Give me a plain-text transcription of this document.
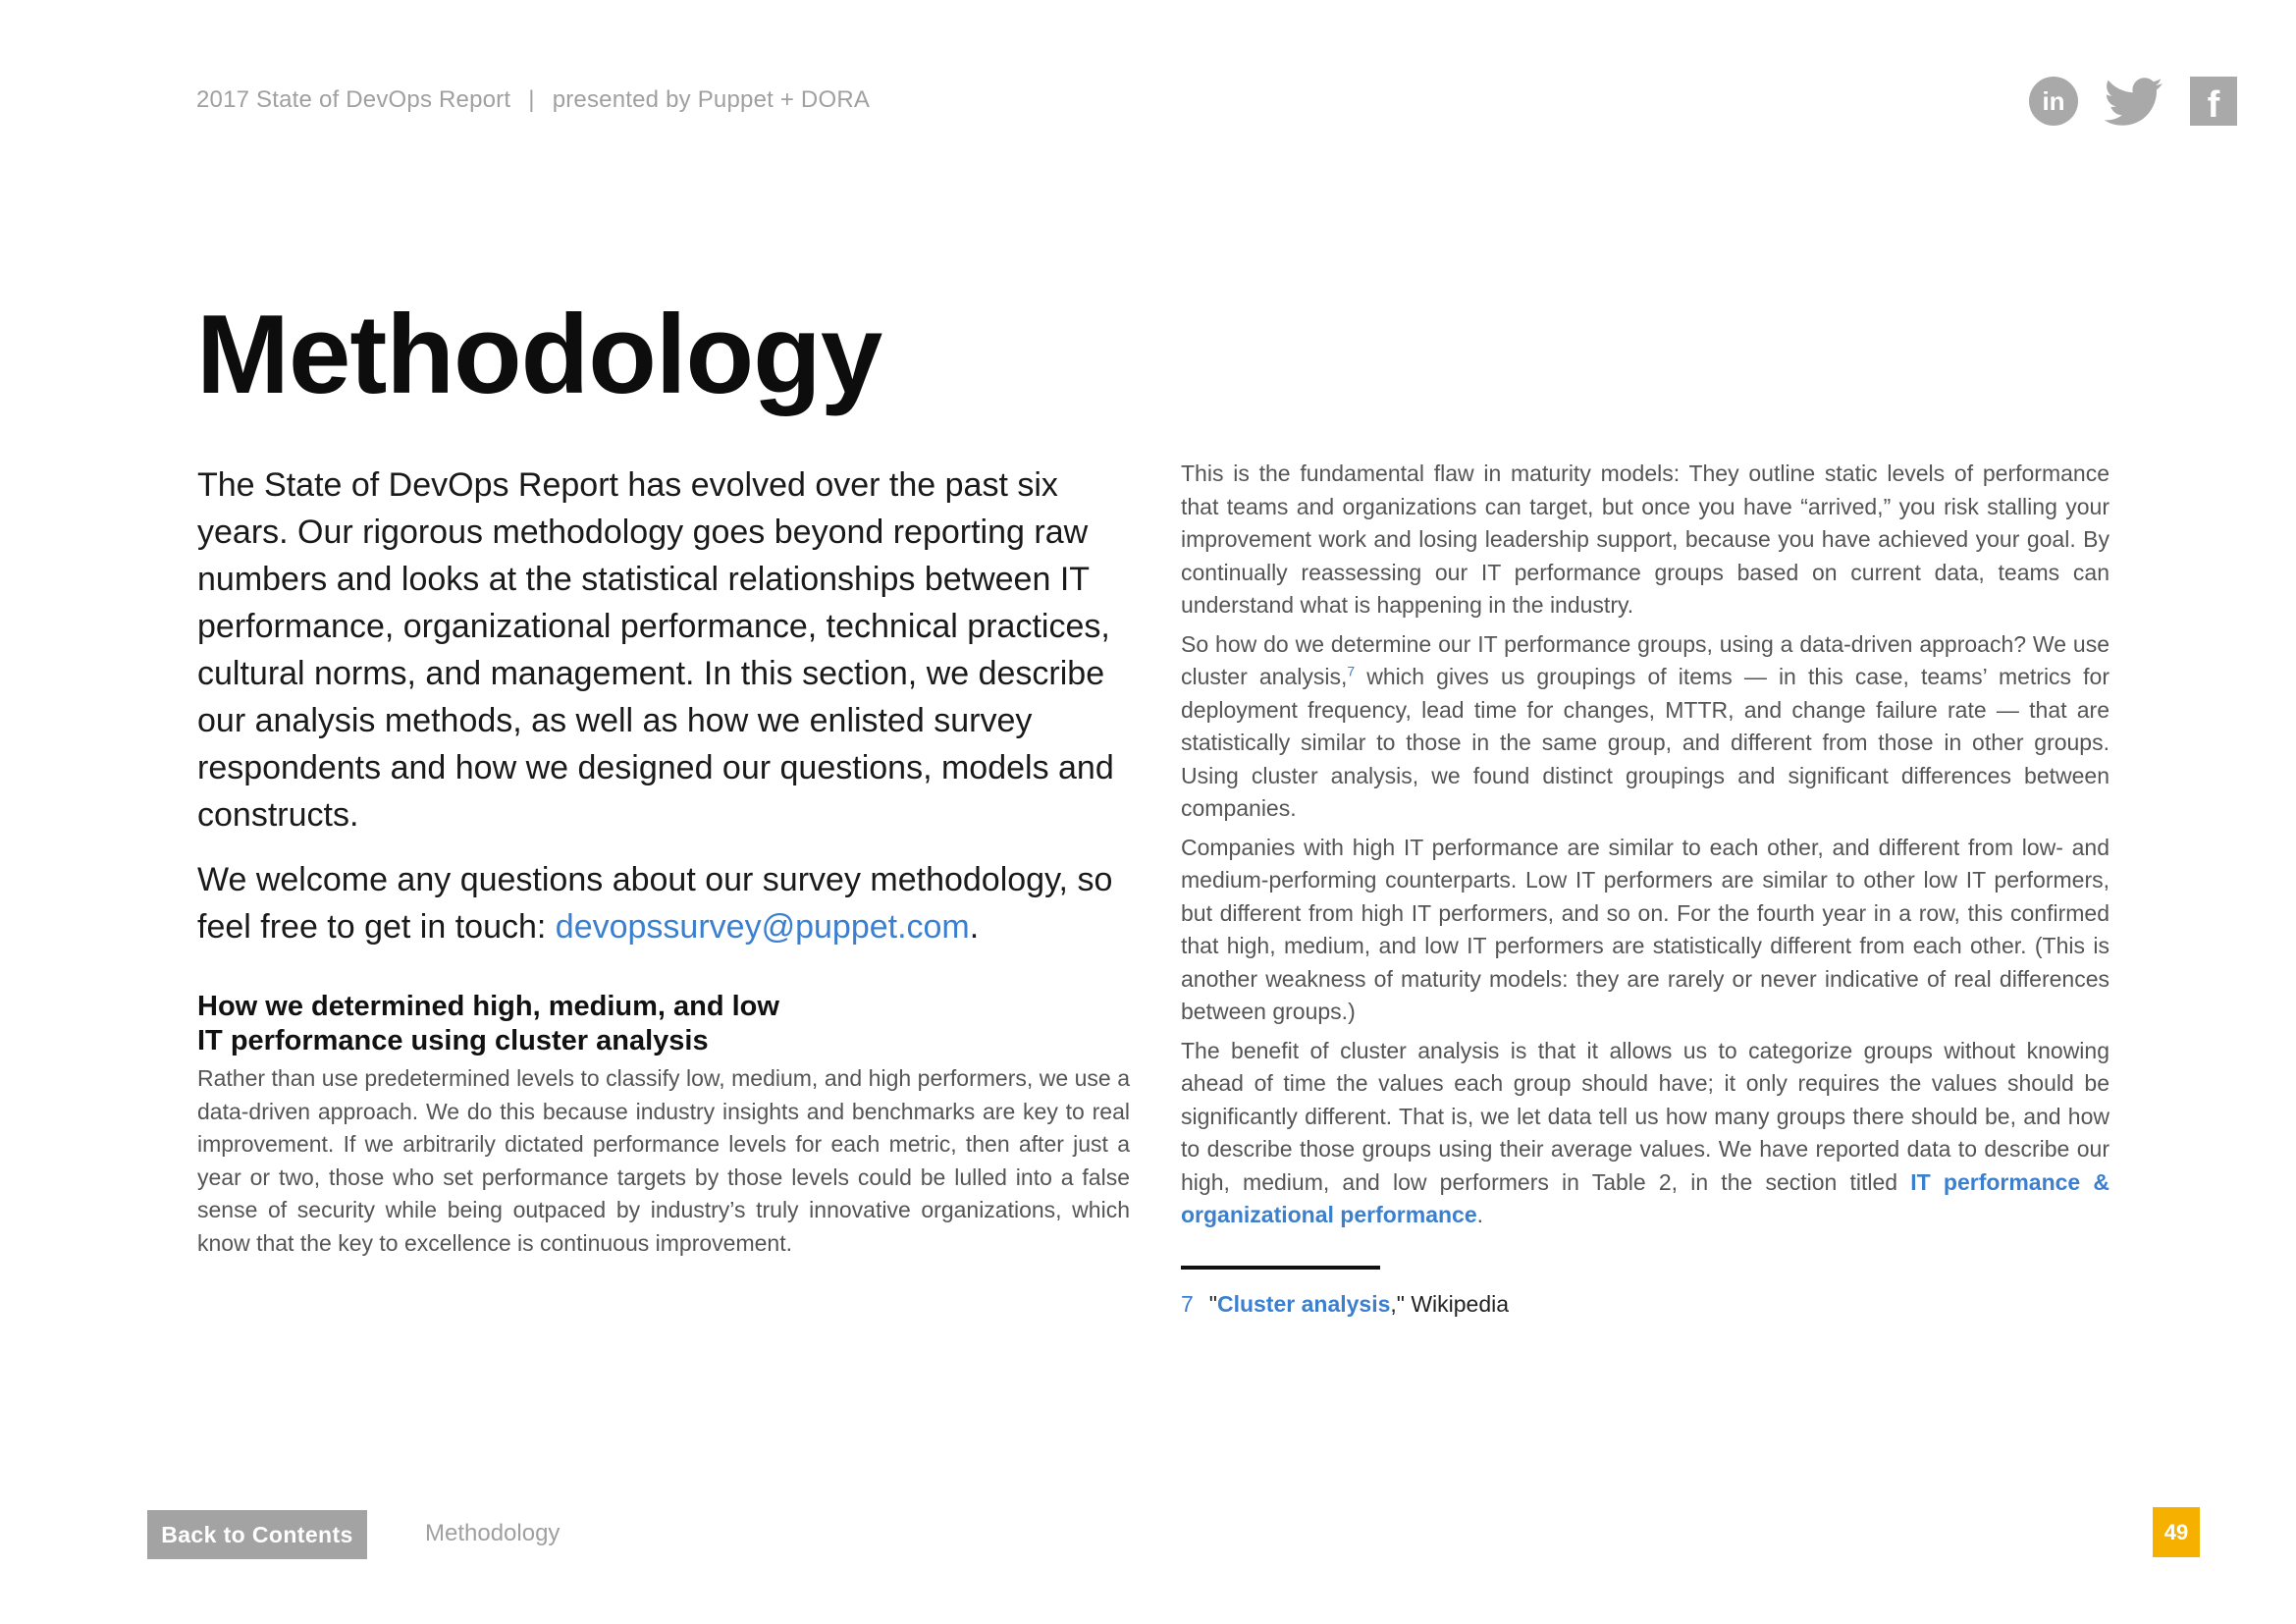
2017 State of DevOps Report | presented by Puppet + DORA	in	f
Methodology

The State of DevOps Report has evolved over the past six years. Our rigorous methodology goes beyond reporting raw numbers and looks at the statistical relationships between IT performance, organizational performance, technical practices, cultural norms, and management. In this section, we describe our analysis methods, as well as how we enlisted survey respondents and how we designed our questions, models and constructs.

We welcome any questions about our survey methodology, so feel free to get in touch: devopssurvey@puppet.com.

How we determined high, medium, and low
IT performance using cluster analysis

Rather than use predetermined levels to classify low, medium, and high performers, we use a data-driven approach. We do this because industry insights and benchmarks are key to real improvement. If we arbitrarily dictated performance levels for each metric, then after just a year or two, those who set performance targets by those levels could be lulled into a false sense of security while being outpaced by industry’s truly innovative organizations, which know that the key to excellence is continuous improvement.

This is the fundamental flaw in maturity models: They outline static levels of performance that teams and organizations can target, but once you have “arrived,” you risk stalling your improvement work and losing leadership support, because you have achieved your goal. By continually reassessing our IT performance groups based on current data, teams can understand what is happening in the industry.

So how do we determine our IT performance groups, using a data-driven approach? We use cluster analysis,$^7$ which gives us groupings of items — in this case, teams’ metrics for deployment frequency, lead time for changes, MTTR, and change failure rate — that are statistically similar to those in the same group, and different from those in other groups. Using cluster analysis, we found distinct groupings and significant differences between companies.

Companies with high IT performance are similar to each other, and different from low- and medium-performing counterparts. Low IT performers are similar to other low IT performers, but different from high IT performers, and so on. For the fourth year in a row, this confirmed that high, medium, and low IT performers are statistically different from each other. (This is another weakness of maturity models: they are rarely or never indicative of real differences between groups.)

The benefit of cluster analysis is that it allows us to categorize groups without knowing ahead of time the values each group should have; it only requires the values should be significantly different. That is, we let data tell us how many groups there should be, and how to describe those groups using their average values. We have reported data to describe our high, medium, and low performers in Table 2, in the section titled IT performance & organizational performance.

7 "Cluster analysis," Wikipedia
Back to Contents	Methodology	49
